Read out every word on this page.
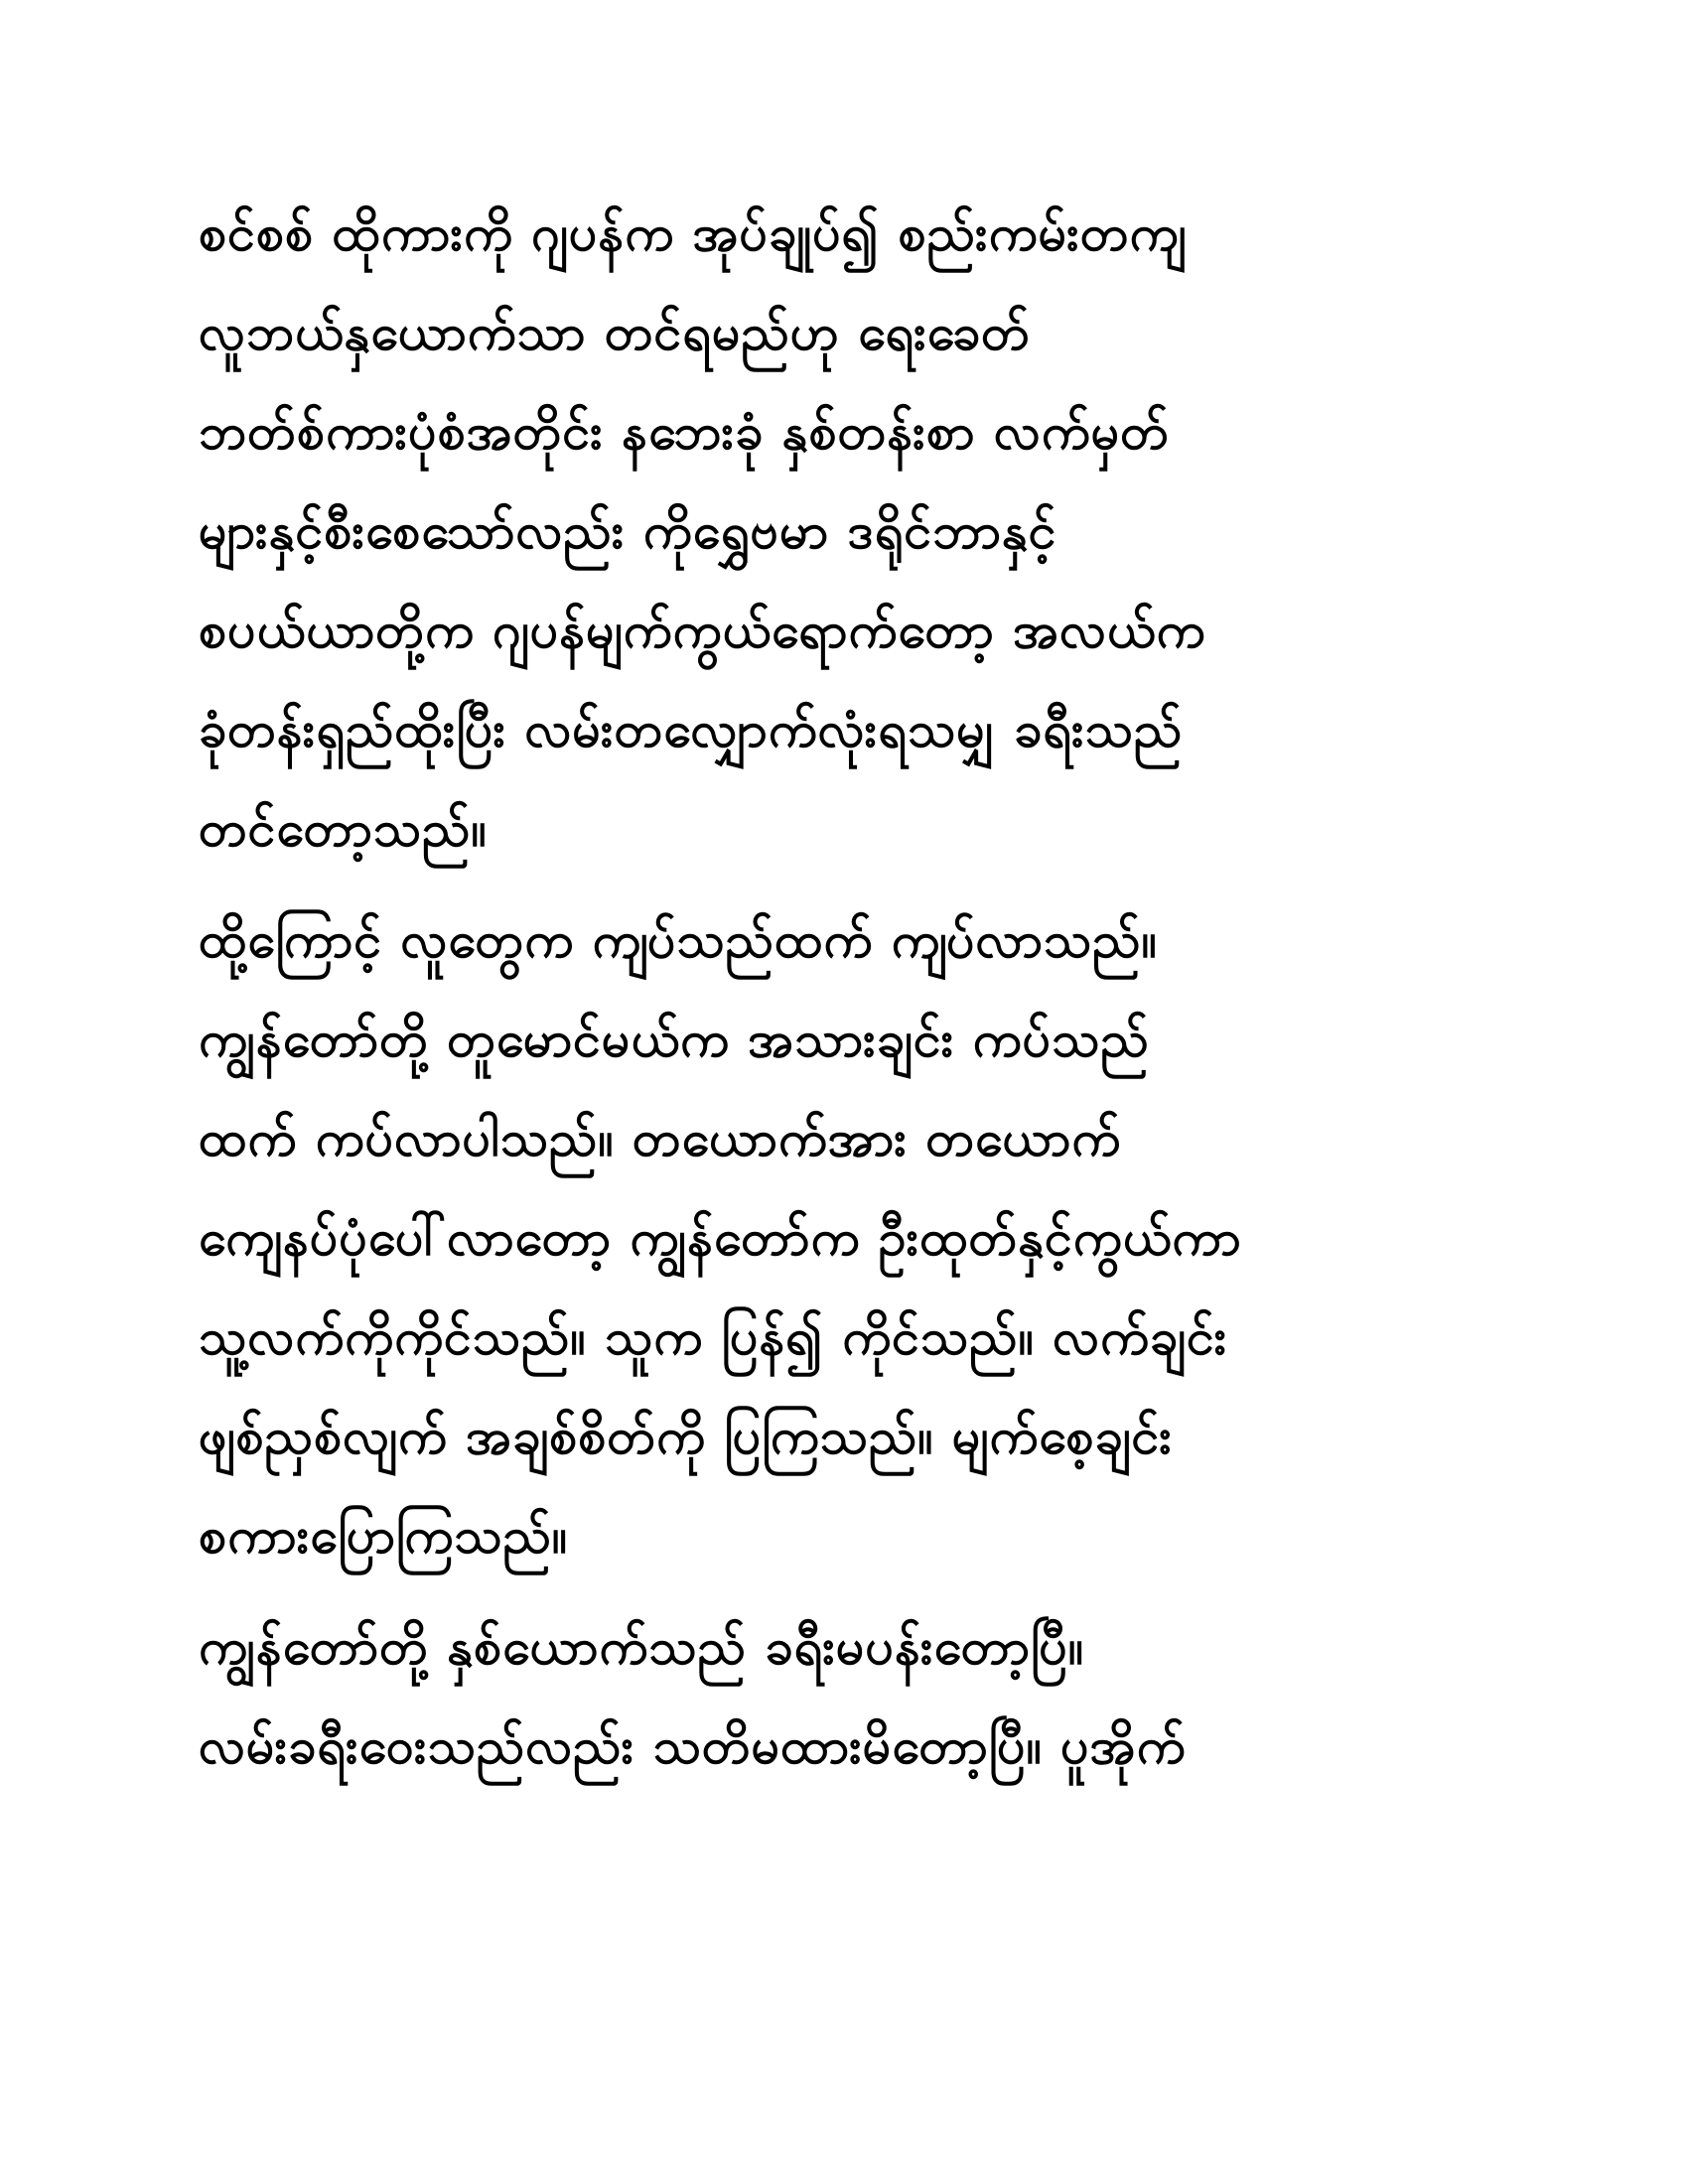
စင်စစ် ထိုကားကို ဂျပန်က အုပ်ချုပ်၍ စည်းကမ်းတကျ
လူဘယ်နှယောက်သာ တင်ရမည်ဟု ရေးခေတ်
ဘတ်စ်ကားပုံစံအတိုင်း နဘေးခုံ နှစ်တန်းစာ လက်မှတ်
များနှင့်စီးစေသော်လည်း ကိုရွှေဗမာ ဒရိုင်ဘာနှင့်
စပယ်ယာတို့က ဂျပန်မျက်ကွယ်ရောက်တော့ အလယ်က
ခုံတန်းရှည်ထိုးပြီး လမ်းတလျှောက်လုံးရသမျှ ခရီးသည်
တင်တော့သည်။
ထို့ကြောင့် လူတွေက ကျပ်သည်ထက် ကျပ်လာသည်။
ကျွန်တော်တို့ တူမောင်မယ်က အသားချင်း ကပ်သည်
ထက် ကပ်လာပါသည်။ တယောက်အား တယောက်
ကျေနပ်ပုံပေါ်လာတော့ ကျွန်တော်က ဦးထုတ်နှင့်ကွယ်ကာ
သူ့လက်ကိုကိုင်သည်။ သူက ပြန်၍ ကိုင်သည်။ လက်ချင်း
ဖျစ်ညှစ်လျက် အချစ်စိတ်ကို ပြကြသည်။ မျက်စေ့ချင်း
စကားပြောကြသည်။
ကျွန်တော်တို့ နှစ်ယောက်သည် ခရီးမပန်းတော့ပြီ။
လမ်းခရီးဝေးသည်လည်း သတိမထားမိတော့ပြီ။ ပူအိုက်
